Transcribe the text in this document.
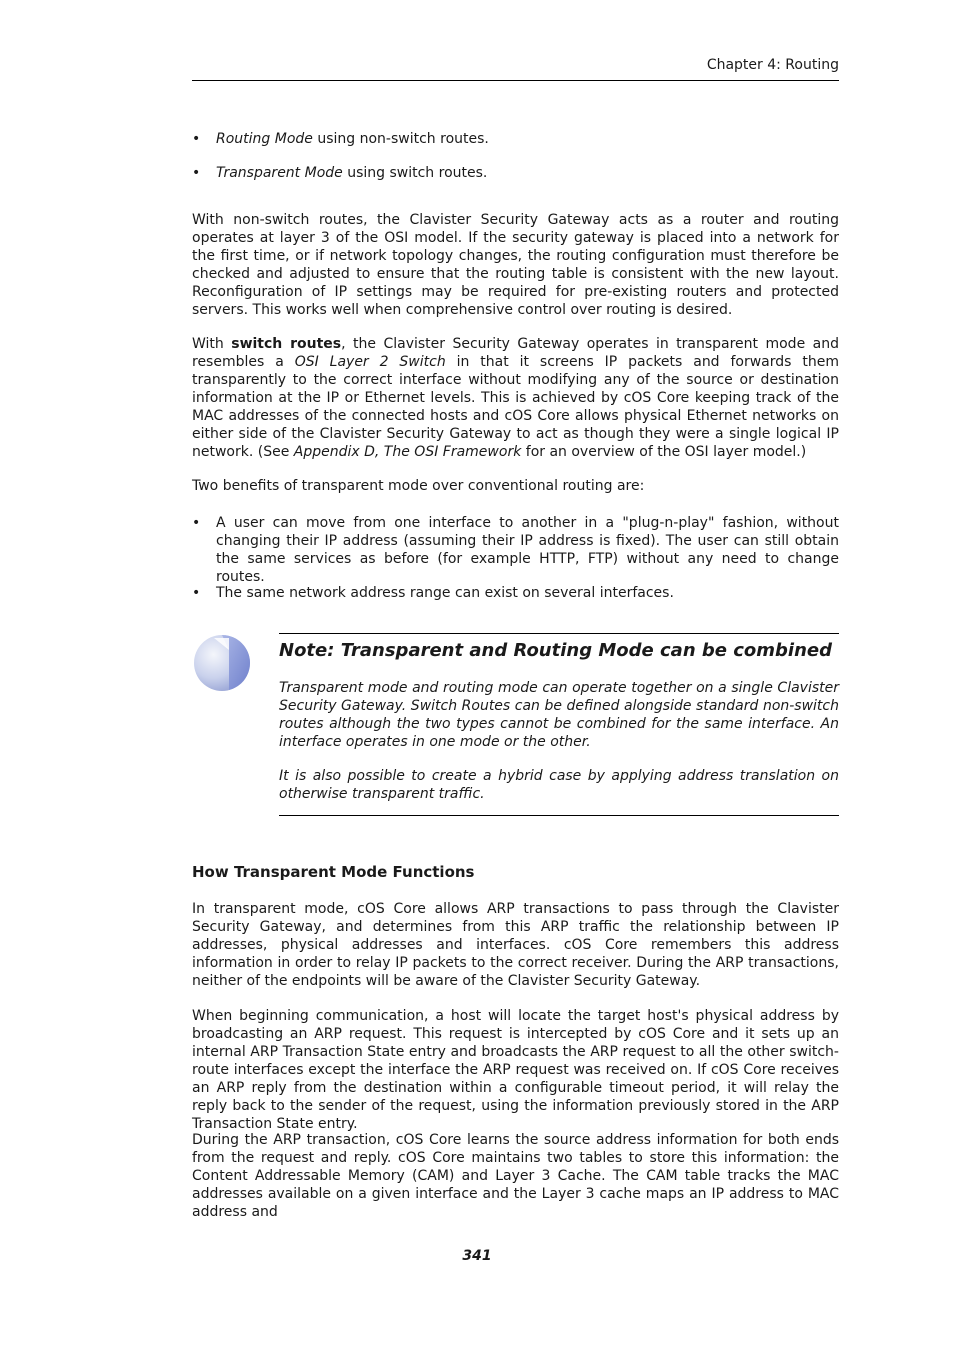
Chapter 4: Routing
• Routing Mode using non-switch routes.
• Transparent Mode using switch routes.

With non-switch routes, the Clavister Security Gateway acts as a router and routing operates at layer 3 of the OSI model. If the security gateway is placed into a network for the first time, or if network topology changes, the routing configuration must therefore be checked and adjusted to ensure that the routing table is consistent with the new layout. Reconfiguration of IP settings may be required for pre-existing routers and protected servers. This works well when comprehensive control over routing is desired.

With switch routes, the Clavister Security Gateway operates in transparent mode and resembles a OSI Layer 2 Switch in that it screens IP packets and forwards them transparently to the correct interface without modifying any of the source or destination information at the IP or Ethernet levels. This is achieved by cOS Core keeping track of the MAC addresses of the connected hosts and cOS Core allows physical Ethernet networks on either side of the Clavister Security Gateway to act as though they were a single logical IP network. (See Appendix D, The OSI Framework for an overview of the OSI layer model.)

Two benefits of transparent mode over conventional routing are:

• A user can move from one interface to another in a "plug-n-play" fashion, without changing their IP address (assuming their IP address is fixed). The user can still obtain the same services as before (for example HTTP, FTP) without any need to change routes.
• The same network address range can exist on several interfaces.
Note: Transparent and Routing Mode can be combined

Transparent mode and routing mode can operate together on a single Clavister Security Gateway. Switch Routes can be defined alongside standard non-switch routes although the two types cannot be combined for the same interface. An interface operates in one mode or the other.

It is also possible to create a hybrid case by applying address translation on otherwise transparent traffic.

How Transparent Mode Functions

In transparent mode, cOS Core allows ARP transactions to pass through the Clavister Security Gateway, and determines from this ARP traffic the relationship between IP addresses, physical addresses and interfaces. cOS Core remembers this address information in order to relay IP packets to the correct receiver. During the ARP transactions, neither of the endpoints will be aware of the Clavister Security Gateway.

When beginning communication, a host will locate the target host's physical address by broadcasting an ARP request. This request is intercepted by cOS Core and it sets up an internal ARP Transaction State entry and broadcasts the ARP request to all the other switch-route interfaces except the interface the ARP request was received on. If cOS Core receives an ARP reply from the destination within a configurable timeout period, it will relay the reply back to the sender of the request, using the information previously stored in the ARP Transaction State entry.

During the ARP transaction, cOS Core learns the source address information for both ends from the request and reply. cOS Core maintains two tables to store this information: the Content Addressable Memory (CAM) and Layer 3 Cache. The CAM table tracks the MAC addresses available on a given interface and the Layer 3 cache maps an IP address to MAC address and

341
